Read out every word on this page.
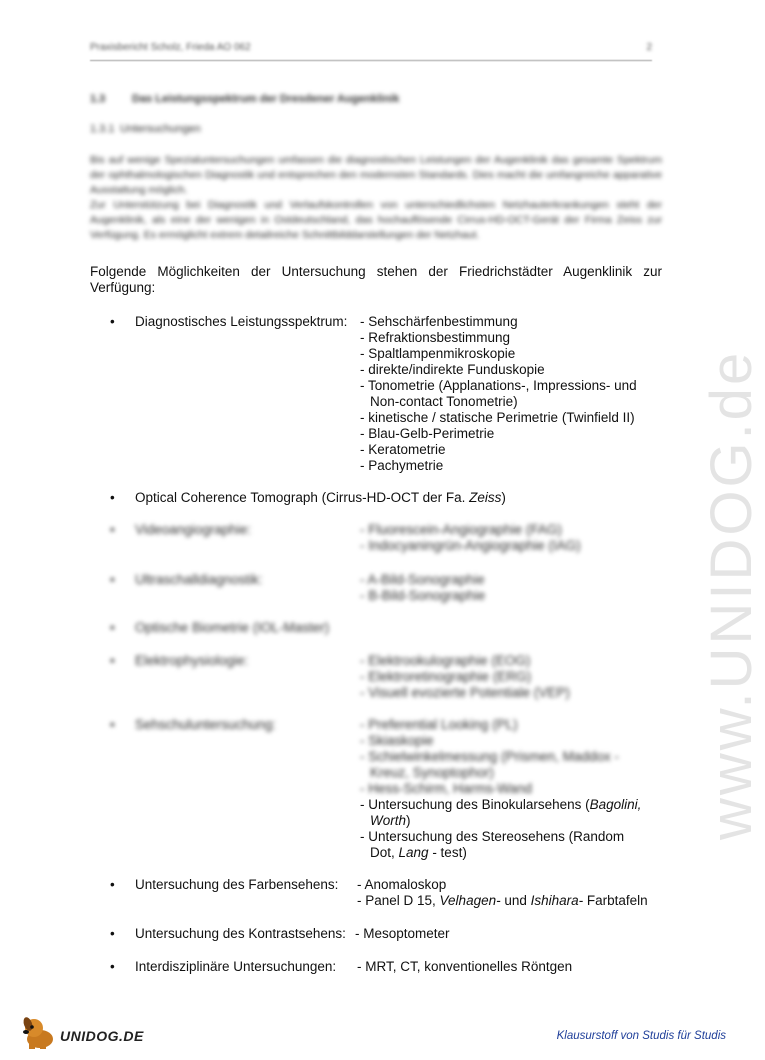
Praxisbericht Scholz, Frieda AO 062	2
1.3 Das Leistungsspektrum der Dresdener Augenklinik
1.3.1 Untersuchungen
Bis auf wenige Spezialuntersuchungen umfassen die diagnostischen Leistungen der Augenklinik das gesamte Spektrum der ophthalmologischen Diagnostik und entsprechen den modernsten Standards. Dies macht die umfangreiche apparative Ausstattung möglich.
Zur Unterstützung bei Diagnostik und Verlaufskontrollen von unterschiedlichsten Netzhauterkrankungen steht der Augenklinik, als eine der wenigen in Ostdeutschland, das hochauflösende Cirrus-HD-OCT-Gerät der Firma Zeiss zur Verfügung. Es ermöglicht extrem detailreiche Schnittbilddarstellungen der Netzhaut.
Folgende Möglichkeiten der Untersuchung stehen der Friedrichstädter Augenklinik zur Verfügung:
• Diagnostisches Leistungsspektrum: - Sehschärfenbestimmung
- Refraktionsbestimmung
- Spaltlampenmikroskopie
- direkte/indirekte Funduskopie
- Tonometrie (Applanations-, Impressions- und
Non-contact Tonometrie)
- kinetische / statische Perimetrie (Twinfield II)
- Blau-Gelb-Perimetrie
- Keratometrie
- Pachymetrie
• Optical Coherence Tomograph (Cirrus-HD-OCT der Fa. Zeiss)
• Videoangiographie:	- Fluorescein-Angiographie (FAG)
- Indocyaningrün-Angiographie (IAG)
• Ultraschalldiagnostik:	- A-Bild-Sonographie
- B-Bild-Sonographie
• Optische Biometrie (IOL-Master)
• Elektrophysiologie:	- Elektrookulographie (EOG)
- Elektroretinographie (ERG)
- Visuell evozierte Potentiale (VEP)
• Sehschuluntersuchung:	- Preferential Looking (PL)
- Skiaskopie
- Schielwinkelmessung (Prismen, Maddox -
Kreuz, Synoptophor)
- Hess-Schirm, Harms-Wand
- Untersuchung des Binokularsehens (Bagolini,
Worth)
- Untersuchung des Stereosehens (Random
Dot, Lang - test)
• Untersuchung des Farbensehens: - Anomaloskop
- Panel D 15, Velhagen- und Ishihara- Farbtafeln
• Untersuchung des Kontrastsehens: - Mesoptometer
• Interdisziplinäre Untersuchungen: - MRT, CT, konventionelles Röntgen
www.UNIDOG.de
UNIDOG.DE	Klausurstoff von Studis für Studis
